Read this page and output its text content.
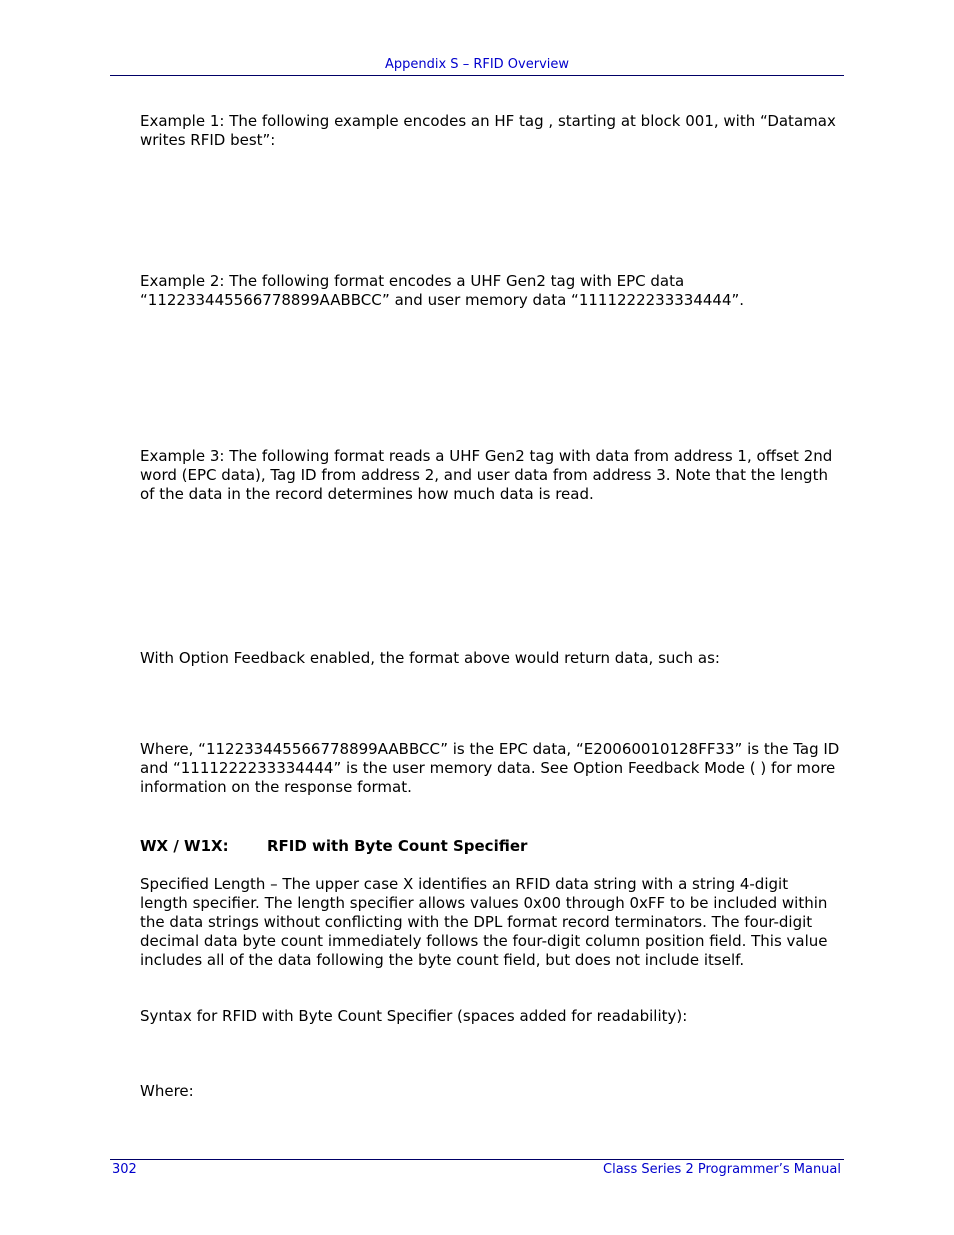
Appendix S – RFID Overview

Example 1: The following example encodes an HF tag , starting at block 001, with “Datamax writes RFID best”:

Example 2: The following format encodes a UHF Gen2 tag with EPC data “112233445566778899AABBCC” and user memory data “1111222233334444”.

Example 3: The following format reads a UHF Gen2 tag with data from address 1, offset 2nd word (EPC data), Tag ID from address 2, and user data from address 3. Note that the length of the data in the record determines how much data is read.

With Option Feedback enabled, the format above would return data, such as:

Where, “112233445566778899AABBCC” is the EPC data, “E20060010128FF33” is the Tag ID and “1111222233334444” is the user memory data. See Option Feedback Mode ( ) for more information on the response format.

WX / W1X:	RFID with Byte Count Specifier

Specified Length – The upper case X identifies an RFID data string with a string 4-digit length specifier. The length specifier allows values 0x00 through 0xFF to be included within the data strings without conflicting with the DPL format record terminators. The four-digit decimal data byte count immediately follows the four-digit column position field. This value includes all of the data following the byte count field, but does not include itself.

Syntax for RFID with Byte Count Specifier (spaces added for readability):

Where:

302	Class Series 2 Programmer’s Manual
